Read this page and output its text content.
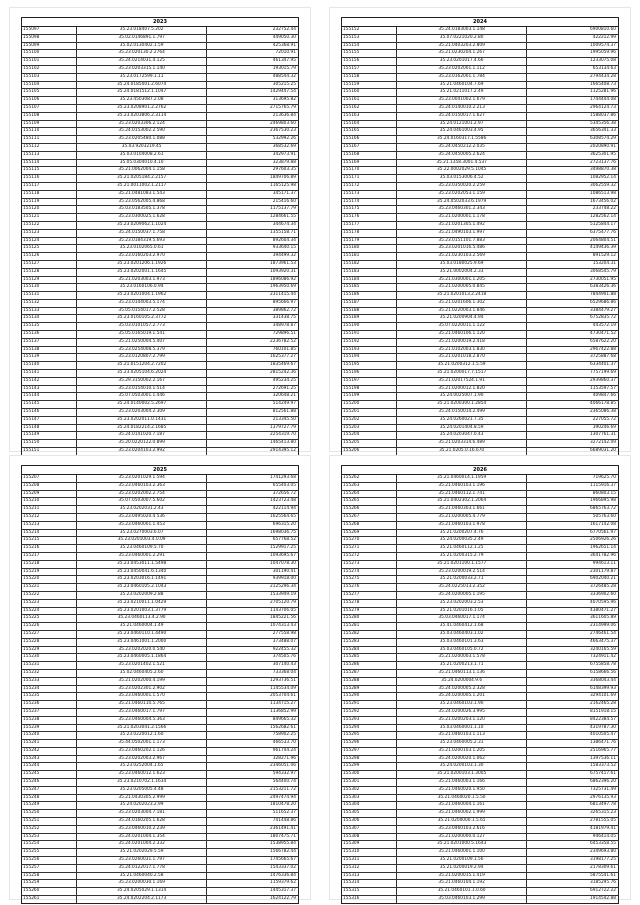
2023
155097	35.23.018407.5.202	232752.44
155098	35.02.0146891.1.797	449050.30
155099	35.02.0130402.1.59	425368.91
155100	35.23.020130.2.2764	72010.91
155101	35.24.0214031.4.125	461347.95
155102	35.23.0203315.1.140	193015.79
155103	35.23.0172599.1.11	488544.32
155104	35.24.0185001.2.6074	305215.25
155105	35.24.0181512.1.1047	1429447.54
155106	35.23.4503087.2.08	313695.82
155107	35.23.0208901.2.2762	2715765.79
155108	35.23.0203806.2.3114	213636.84
155109	35.23.0203306.2.124	2469803.60
155110	35.24.0153002.2.590	2367530.23
155111	35.23.0205480.1.088	532992.26
155112	35.03.9203219.45	368532.69
155113	35.03.0104008.2.61	342973.91
155114	35.05.0304010.4.10	323879.88
155115	35.21.0062004.1.158	297603.35
155116	35.21.0205184.2.2157	1849706.89
155117	35.21.0011002.1.2117	1165125.98
155118	35.21.0481083.1.543	345171.37
155119	35.23.0562005.4.868	215416.60
155120	35.03.0183505.1.378	1175137.79
155121	35.23.0300025.1.628	1284661.55
155122	35.23.0209062.1.1024	344674.34
155123	35.24.0150037.1.758	1355158.71
155124	35.23.0184319.5.693	892604.34
155125	35.23.0102065.0.61	933640.15
155126	35.23.0160203.2.970	394499.32
155127	35.23.0201206.1.1926	1873961.53
155128	35.23.0202001.1.1645	1093920.31
155129	35.21.0203003.1.973	1896086.92
155130	35.23.0160106.0.94	1963950.69
155131	35.23.0201004.1.1962	2311415.44
155132	35.23.0144003.5.174	895666.97
155133	35.05.0154017.2.528	389862.72
155134	35.23.0160105.2.3772	331438.75
155135	35.03.0101057.2.773	348978.87
155136	35.05.0165019.1.541	729896.51
155137	35.21.0250004.5.407	2236782.52
155138	35.23.0254008.5.379	760101.85
155139	35.23.0120807.2.799	1625377.27
155140	35.21.0151204.2.7202	1835469.67
155141	35.23.0205104.6.2024	2815242.36
155142	35.29.3150002.2.167	495234.25
155143	35.23.0154010.1.514	272691.25
155144	35.07.0503001.1.446	320648.21
155145	35.24.0140002.5.2697	514249.97
155146	35.23.0203004.2.309	812561.88
155147	35.23.0202011.0.1431	213345.50
155148	35.24.0182214.2.1685	1379727.79
155149	35.24.0141020.7.187	2254319.70
155150	35.20.0220122.0.899	1465413.80
155151	35.23.0204103.2.992	2914395.12
2024
155152	35.24.0183003.1.148	6900810.60
155153	35.07.0221020.2.80	422212.99
155154	35.21.0403203.2.809	1009574.37
155155	35.21.0230204.1.267	1995059.96
155156	35.23.0201017.4.66	1233075.08
155157	35.23.0202001.1.112	653134.63
155158	35.23.0162001.1.784	2794434.28
155159	35.21.0460104.7.69	1665408.73
155160	35.21.0211017.2.49	1125281.96
155161	35.23.0041002.1.679	1744444.08
155162	35.24.0140010.2.213	2964124.73
155163	35.24.0150017.1.627	1588037.86
155164	35.24.0121001.2.97	5345356.38
155165	35.24.0461003.4.95	3656341.33
155166	35.24.0160317.1.5586	6308574.29
155167	35.24.0450212.2.035	2020890.91
155168	35.24.0450005.2.624	3625301.95
155169	35.21.1358.3001.4.537	2723137.76
155170	35.22.0002029.5.1045	3498870.38
155171	35.03.0153006.4.52	1082952.14
155172	35.23.0350020.2.259	3062559.32
155173	35.23.0202053.1.159	1086513.98
155174	35.24.0502033.6.1979	1673456.02
155175	35.23.0460301.2.343	233748.22
155176	35.21.0200001.1.178	1282562.14
155177	35.21.0201305.1.492	5125844.17
155178	35.21.0490103.1.997	6375477.76
155179	35.23.0151101.7.883	2064804.51
155180	35.23.0201016.5.486	4149436.39
155181	35.21.0230103.2.569	891529.12
155182	35.03.0180025.9.69	153204.31
155183	35.21.0002004.2.33	3068545.79
155184	35.21.0300001.1.205	2730051.95
155185	35.21.0200005.0.845	6383426.36
155186	35.21.0201013.2.2418	7844901.88
155187	35.21.0201606.1.302	6529686.86
155188	35.21.0220003.1.846	3384479.27
155189	35.21.0200904.4.94	6752835.72
155190	35.07.0220011.1.122	443572.19
155191	35.21.0460106.1.120	4730471.52
155192	35.21.0200019.2.418	6587622.20
155193	35.21.0102003.1.830	2967422.88
155194	35.21.0201018.2.870	3725887.68
155195	35.21.0200312.1.5.59	6334401.37
155196	35.21.0200017.7.1517	7757199.69
155197	35.21.02017524.1.91	2939860.37
155198	35.21.0200012.1.820	1153597.57
155199	35.24.0025007.1.90	409847.66
155200	35.21.0200300.1.2854	4066178.85
155201	35.24.0150014.2.499	2365086.38
155202	35.24.0260021.7.35	227055.72
155203	35.24.0201404.8.59	390246.69
155204	35.24.0203047.0.43	1307761.31
155205	35.21.0203314.6.489	3272142.09
155206	35.21.0205.0.16.670	6689031.20
2025
155207	35.23.0201029.1.594	1741293.68
155208	35.23.0460103.2.363	655403.05
155209	35.23.0202002.2.754	372656.72
155210	35.07.0503007.5.602	1423723.48
155211	35.23.0202031.2.43	422114.94
155212	35.23.0495020.4.536	1625564.65
155213	35.23.0460001.1.453	696315.20
155214	35.23.0270003.6.07	1698036.75
155215	35.23.0201003.4.0.09	657768.52
155216	35.23.0460109.5.70	1529917.25
155217	35.23.0460001.2.291	1093695.67
155218	35.23.0453011.1.5498	1047078.30
155219	35.23.0450041.6.1340	301190.41
155220	35.23.0203016.1.1491	939918.00
155221	35.23.0460105.2.1043	2125296.34
155222	35.23.0202009.2.88	1533949.19
155223	35.23.0210011.1.0429	2705120.79
155224	35.23.0201003.1.3779	1143706.05
155225	35.23.0460113.4.2.90	1845221.56
155226	35.21.0460004.1.49	1074313.43
155227	35.23.0460110.1.4490	277558.98
155228	35.23.0461001.1.2000	373488.07
155229	35.23.0202020.0.540	922455.32
155230	35.23.0460005.1.1864	374505.76
155231	35.23.0201402.1.521	307140.43
155232	35.02.0460405.2.60	733368.04
155233	35.21.0202000.4.199	1293736.51
155234	35.23.0202301.2.902	1145534.09
155235	35.23.0460001.1.570	2053704.61
155236	35.21.0460110.5.765	1134715.27
155237	35.23.0460017.1.797	1136852.99
155238	35.23.0460004.5.363	849665.32
155239	35.21.0203041.2.1566	1562682.61
155240	35.23.0220012.1.60	758902.25
155241	35.44.0502001.1.173	466533.70
155242	35.23.0460202.1.126	961744.24
155243	35.23.0202003.2.967	328271.96
155244	35.23.0252004.1.65	2346051.06
155245	35.23.0460012.1.623	594332.97
155246	35.23.0210702.1.1634	564400.74
155247	35.23.0205005.4.48	2153211.72
155248	35.21.0430305.2.999	2497474.94
155249	35.24.0202023.2.99	1810478.20
155250	35.23.0203004.7.181	511652.37
155251	35.24.0160205.1.628	741448.86
155252	35.23.0460010.2.239	2361491.41
155253	35.24.0201004.1.354	1807475.71
155254	35.24.0201004.2.332	1538955.84
155255	35.21.0202029.5.59	1566782.44
155256	35.23.0260031.1.797	1745665.67
155257	35.24.0122017.1.778	1543337.02
155258	35.21.0460040.2.58	1476336.84
155259	35.23.0200030.1.169	1159379.62
155260	35.24.0205029.1.1314	1445317.37
155261	35.24.0202204.2.1173	1624122.79
2026
155262	35.21.0460014.1.1959	719625.70
155263	35.21.0460103.1.196	1115916.37
155264	35.21.0460112.1.741	860803.15
155265	35.21.0402302.1.2064	1966895.98
155266	35.21.0460303.1.661	6865763.72
155267	35.21.0200005.4.779	505763.60
155268	35.21.0460103.1.978	1617142.08
155269	35.21.0200207.4.76	6770561.97
155270	35.24.0200035.2.49	2506926.26
155271	35.21.0460112.1.25	1962651.14
155272	35.21.0200315.2.79	3641782.96
155273	35.21.0201100.1.1577	994613.11
155274	35.23.0200019.2.514	2301179.87
155275	35.21.0200033.2.71	6902040.21
155276	35.24.0225013.2.352	3726485.28
155277	35.24.0200005.1.195	3336902.60
155278	35.23.0202003.2.53	4070595.96
155279	35.21.0201016.1.05	4380471.27
155280	35.03.0460017.1.174	3611605.89
155281	35.41.0460412.1.68	2314999.06
155282	35.03.0460403.1.02	2746461.54
155283	35.03.0460101.3.63	4663475.37
155284	35.03.0460105.0.72	3240165.59
155285	35.21.0200003.1.578	7324911.42
155286	35.21.0200213.1.71	6755858.78
155287	35.21.0460113.1.136	6158666.56
155288	35.24.0200004.9.6	3368043.44
155289	35.24.0200005.2.328	6148399.93
155290	35.24.0200005.1.201	3294101.69
155291	35.23.0460103.1.90	2162465.28
155292	35.24.0200026.3.995	8151918.15
155293	35.21.0200203.1.120	8422384.57
155294	35.03.0460001.1.10	4319787.30
155295	35.21.0460103.1.113	4010505.47
155296	35.23.0460005.2.31	1386471.76
155297	35.21.0200103.1.205	2516965.77
155298	35.24.0200020.1.062	1397536.11
155299	35.24.0200103.1.30	1583373.52
155300	35.21.0200103.1.3005	6757417.61
155301	35.21.0460003.1.166	6862396.20
155302	35.21.0460020.1.950	7325731.49
155303	35.21.0460020.1.5.50	2976135.93
155304	35.21.0460004.1.161	6813497.78
155305	35.21.0460002.1.999	3265315.23
155306	35.21.0200000.1.5.65	2781555.05
155307	35.23.0460103.2.616	4181979.41
155308	35.21.0200000.0.127	946414.05
155309	35.21.0201000.5.1643	6453358.55
155310	35.21.0460001.1.100	2349693.80
155311	35.21.0200109.1.56	3198177.25
155312	35.21.0200019.2.94	2178309.61
155313	35.21.0200015.1.419	5875541.61
155314	35.21.0460104.1.192	3185295.76
155315	35.21.0460101.1.0.60	6912722.22
155316	35.03.0460103.1.299	1914542.88
